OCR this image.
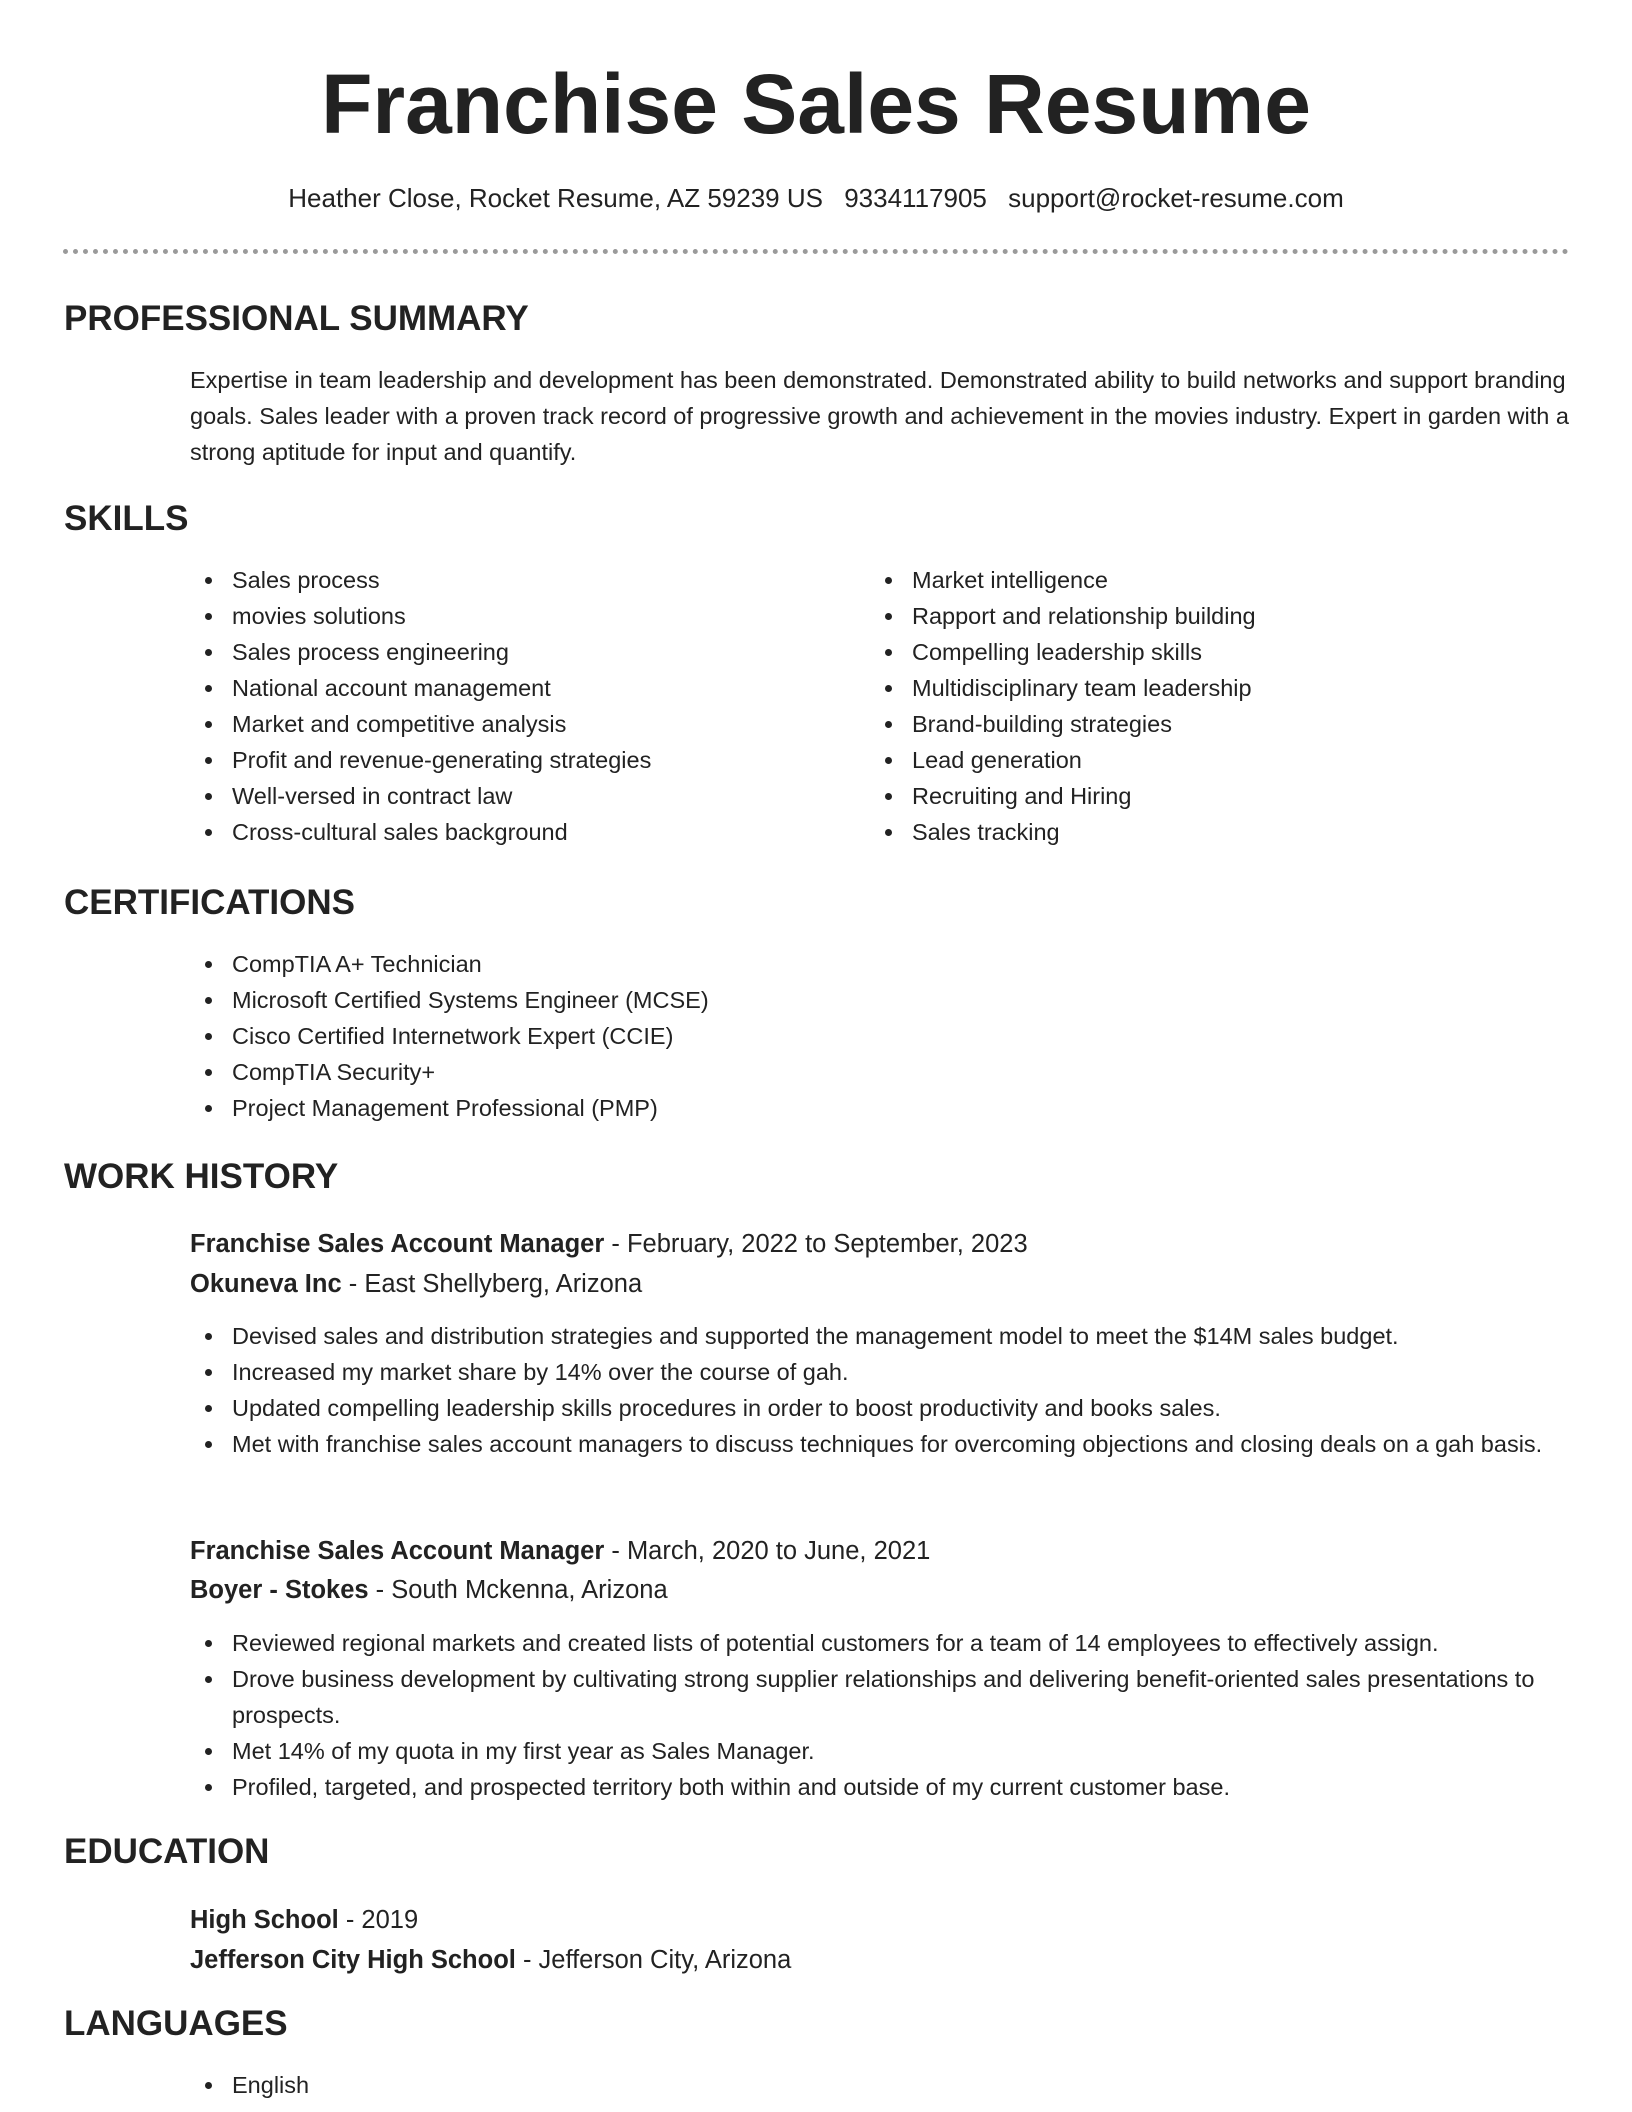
Franchise Sales Resume
Heather Close, Rocket Resume, AZ 59239 US 9334117905 support@rocket-resume.com
PROFESSIONAL SUMMARY

Expertise in team leadership and development has been demonstrated. Demonstrated ability to build networks and support branding goals. Sales leader with a proven track record of progressive growth and achievement in the movies industry. Expert in garden with a strong aptitude for input and quantify.

SKILLS
Sales process
movies solutions
Sales process engineering
National account management
Market and competitive analysis
Profit and revenue-generating strategies
Well-versed in contract law
Cross-cultural sales background
Market intelligence
Rapport and relationship building
Compelling leadership skills
Multidisciplinary team leadership
Brand-building strategies
Lead generation
Recruiting and Hiring
Sales tracking
CERTIFICATIONS
CompTIA A+ Technician
Microsoft Certified Systems Engineer (MCSE)
Cisco Certified Internetwork Expert (CCIE)
CompTIA Security+
Project Management Professional (PMP)
WORK HISTORY
Franchise Sales Account Manager - February, 2022 to September, 2023
Okuneva Inc - East Shellyberg, Arizona
Devised sales and distribution strategies and supported the management model to meet the $14M sales budget.
Increased my market share by 14% over the course of gah.
Updated compelling leadership skills procedures in order to boost productivity and books sales.
Met with franchise sales account managers to discuss techniques for overcoming objections and closing deals on a gah basis.
Franchise Sales Account Manager - March, 2020 to June, 2021
Boyer - Stokes - South Mckenna, Arizona
Reviewed regional markets and created lists of potential customers for a team of 14 employees to effectively assign.
Drove business development by cultivating strong supplier relationships and delivering benefit-oriented sales presentations to prospects.
Met 14% of my quota in my first year as Sales Manager.
Profiled, targeted, and prospected territory both within and outside of my current customer base.
EDUCATION
High School - 2019
Jefferson City High School - Jefferson City, Arizona
LANGUAGES
English
